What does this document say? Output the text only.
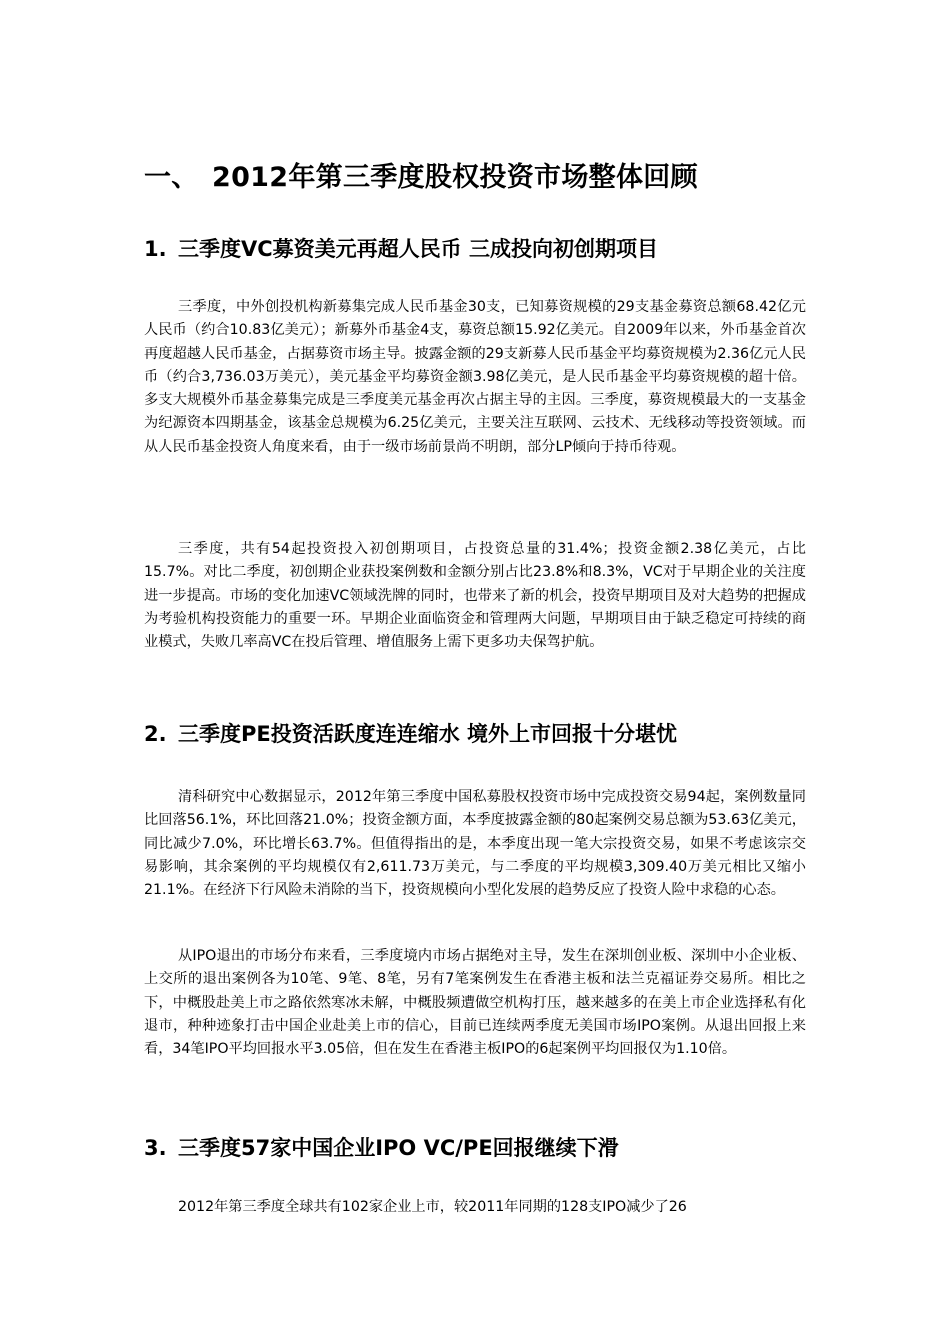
一、 2012年第三季度股权投资市场整体回顾
1. 三季度VC募资美元再超人民币 三成投向初创期项目

三季度，中外创投机构新募集完成人民币基金30支，已知募资规模的29支基金募资总额68.42亿元人民币（约合10.83亿美元）；新募外币基金4支，募资总额15.92亿美元。自2009年以来，外币基金首次再度超越人民币基金，占据募资市场主导。披露金额的29支新募人民币基金平均募资规模为2.36亿元人民币（约合3,736.03万美元），美元基金平均募资金额3.98亿美元，是人民币基金平均募资规模的超十倍。多支大规模外币基金募集完成是三季度美元基金再次占据主导的主因。三季度，募资规模最大的一支基金为纪源资本四期基金，该基金总规模为6.25亿美元，主要关注互联网、云技术、无线移动等投资领域。而从人民币基金投资人角度来看，由于一级市场前景尚不明朗，部分LP倾向于持币待观。

三季度，共有54起投资投入初创期项目，占投资总量的31.4%；投资金额2.38亿美元，占比15.7%。对比二季度，初创期企业获投案例数和金额分别占比23.8%和8.3%，VC对于早期企业的关注度进一步提高。市场的变化加速VC领域洗牌的同时，也带来了新的机会，投资早期项目及对大趋势的把握成为考验机构投资能力的重要一环。早期企业面临资金和管理两大问题，早期项目由于缺乏稳定可持续的商业模式，失败几率高VC在投后管理、增值服务上需下更多功夫保驾护航。

2. 三季度PE投资活跃度连连缩水 境外上市回报十分堪忧

清科研究中心数据显示，2012年第三季度中国私募股权投资市场中完成投资交易94起，案例数量同比回落56.1%，环比回落21.0%；投资金额方面，本季度披露金额的80起案例交易总额为53.63亿美元，同比减少7.0%，环比增长63.7%。但值得指出的是，本季度出现一笔大宗投资交易，如果不考虑该宗交易影响，其余案例的平均规模仅有2,611.73万美元，与二季度的平均规模3,309.40万美元相比又缩小21.1%。在经济下行风险未消除的当下，投资规模向小型化发展的趋势反应了投资人险中求稳的心态。

从IPO退出的市场分布来看，三季度境内市场占据绝对主导，发生在深圳创业板、深圳中小企业板、上交所的退出案例各为10笔、9笔、8笔，另有7笔案例发生在香港主板和法兰克福证券交易所。相比之下，中概股赴美上市之路依然寒冰未解，中概股频遭做空机构打压，越来越多的在美上市企业选择私有化退市，种种迹象打击中国企业赴美上市的信心，目前已连续两季度无美国市场IPO案例。从退出回报上来看，34笔IPO平均回报水平3.05倍，但在发生在香港主板IPO的6起案例平均回报仅为1.10倍。

3. 三季度57家中国企业IPO VC/PE回报继续下滑

2012年第三季度全球共有102家企业上市，较2011年同期的128支IPO减少了26
